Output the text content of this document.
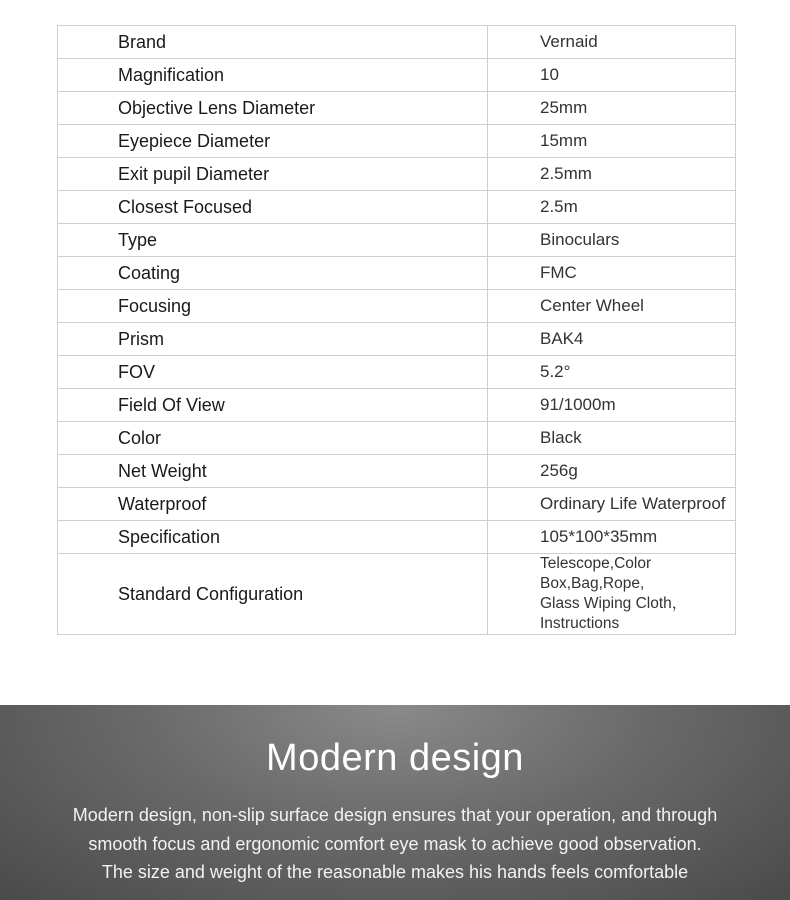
Brand	Vernaid
Magnification	10
Objective Lens Diameter	25mm
Eyepiece Diameter	15mm
Exit pupil Diameter	2.5mm
Closest Focused	2.5m
Type	Binoculars
Coating	FMC
Focusing	Center Wheel
Prism	BAK4
FOV	5.2°
Field Of View	91/1000m
Color	Black
Net Weight	256g
Waterproof	Ordinary Life Waterproof
Specification	105*100*35mm
Standard Configuration	Telescope,Color Box,Bag,Rope,
Glass Wiping Cloth， Instructions
Modern design
Modern design, non-slip surface design ensures that your operation, and through
smooth focus and ergonomic comfort eye mask to achieve good observation.
The size and weight of the reasonable makes his hands feels comfortable
